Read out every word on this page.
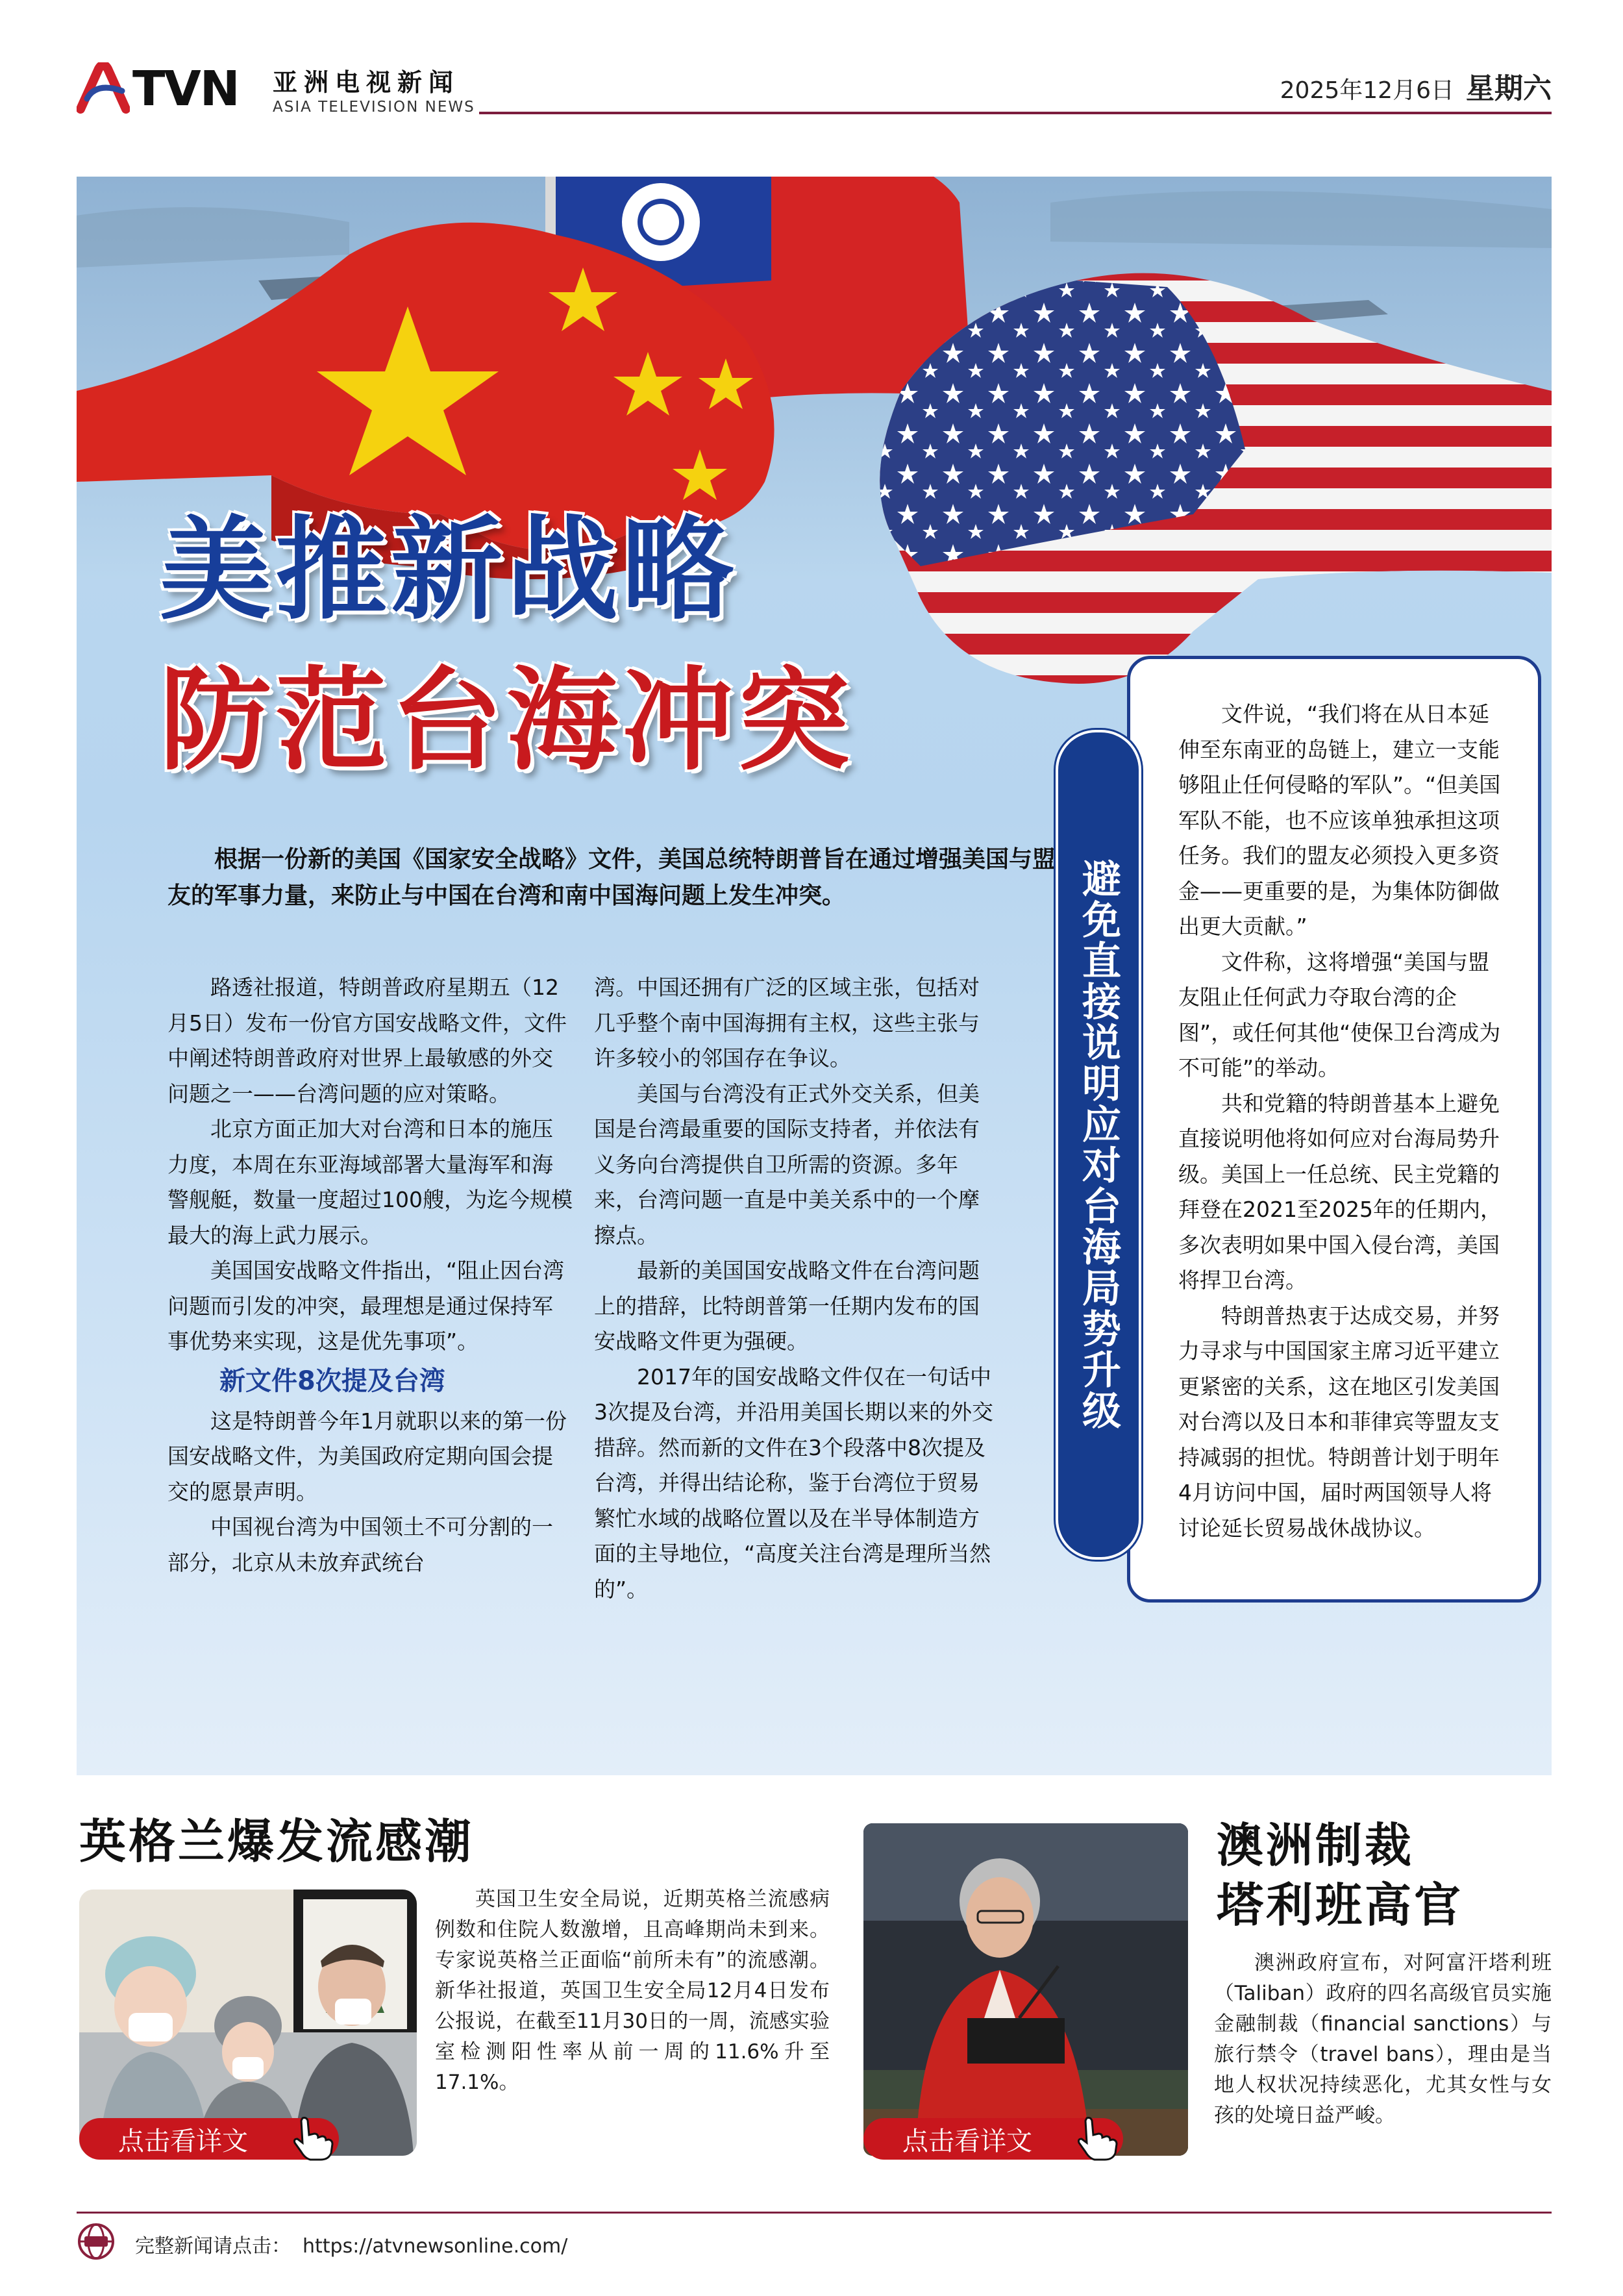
TVN 亚洲电视新闻
ASIA TELEVISION NEWS
2025年12月6日 星期六
美推新战略
防范台海冲突

根据一份新的美国《国家安全战略》文件，美国总统特朗普旨在通过增强美国与盟友的军事力量，来防止与中国在台湾和南中国海问题上发生冲突。

路透社报道，特朗普政府星期五（12月5日）发布一份官方国安战略文件，文件中阐述特朗普政府对世界上最敏感的外交问题之一——台湾问题的应对策略。

北京方面正加大对台湾和日本的施压力度，本周在东亚海域部署大量海军和海警舰艇，数量一度超过100艘，为迄今规模最大的海上武力展示。

美国国安战略文件指出，“阻止因台湾问题而引发的冲突，最理想是通过保持军事优势来实现，这是优先事项”。

新文件8次提及台湾

这是特朗普今年1月就职以来的第一份国安战略文件，为美国政府定期向国会提交的愿景声明。

中国视台湾为中国领土不可分割的一部分，北京从未放弃武统台

湾。中国还拥有广泛的区域主张，包括对几乎整个南中国海拥有主权，这些主张与许多较小的邻国存在争议。

美国与台湾没有正式外交关系，但美国是台湾最重要的国际支持者，并依法有义务向台湾提供自卫所需的资源。多年来，台湾问题一直是中美关系中的一个摩擦点。

最新的美国国安战略文件在台湾问题上的措辞，比特朗普第一任期内发布的国安战略文件更为强硬。

2017年的国安战略文件仅在一句话中3次提及台湾，并沿用美国长期以来的外交措辞。然而新的文件在3个段落中8次提及台湾，并得出结论称，鉴于台湾位于贸易繁忙水域的战略位置以及在半导体制造方面的主导地位，“高度关注台湾是理所当然的”。

文件说，“我们将在从日本延伸至东南亚的岛链上，建立一支能够阻止任何侵略的军队”。“但美国军队不能，也不应该单独承担这项任务。我们的盟友必须投入更多资金——更重要的是，为集体防御做出更大贡献。”

文件称，这将增强“美国与盟友阻止任何武力夺取台湾的企图”，或任何其他“使保卫台湾成为不可能”的举动。

共和党籍的特朗普基本上避免直接说明他将如何应对台海局势升级。美国上一任总统、民主党籍的拜登在2021至2025年的任期内，多次表明如果中国入侵台湾，美国将捍卫台湾。

特朗普热衷于达成交易，并努力寻求与中国国家主席习近平建立更紧密的关系，这在地区引发美国对台湾以及日本和菲律宾等盟友支持减弱的担忧。特朗普计划于明年4月访问中国，届时两国领导人将讨论延长贸易战休战协议。

避免直接说明应对台海局势升级
英格兰爆发流感潮
点击看详文

英国卫生安全局说，近期英格兰流感病例数和住院人数激增，且高峰期尚未到来。专家说英格兰正面临“前所未有”的流感潮。新华社报道，英国卫生安全局12月4日发布公报说，在截至11月30日的一周，流感实验室检测阳性率从前一周的11.6%升至17.1%。

点击看详文
澳洲制裁
塔利班高官

澳洲政府宣布，对阿富汗塔利班（Taliban）政府的四名高级官员实施金融制裁（financial sanctions）与旅行禁令（travel bans），理由是当地人权状况持续恶化，尤其女性与女孩的处境日益严峻。

完整新闻请点击： https://atvnewsonline.com/
